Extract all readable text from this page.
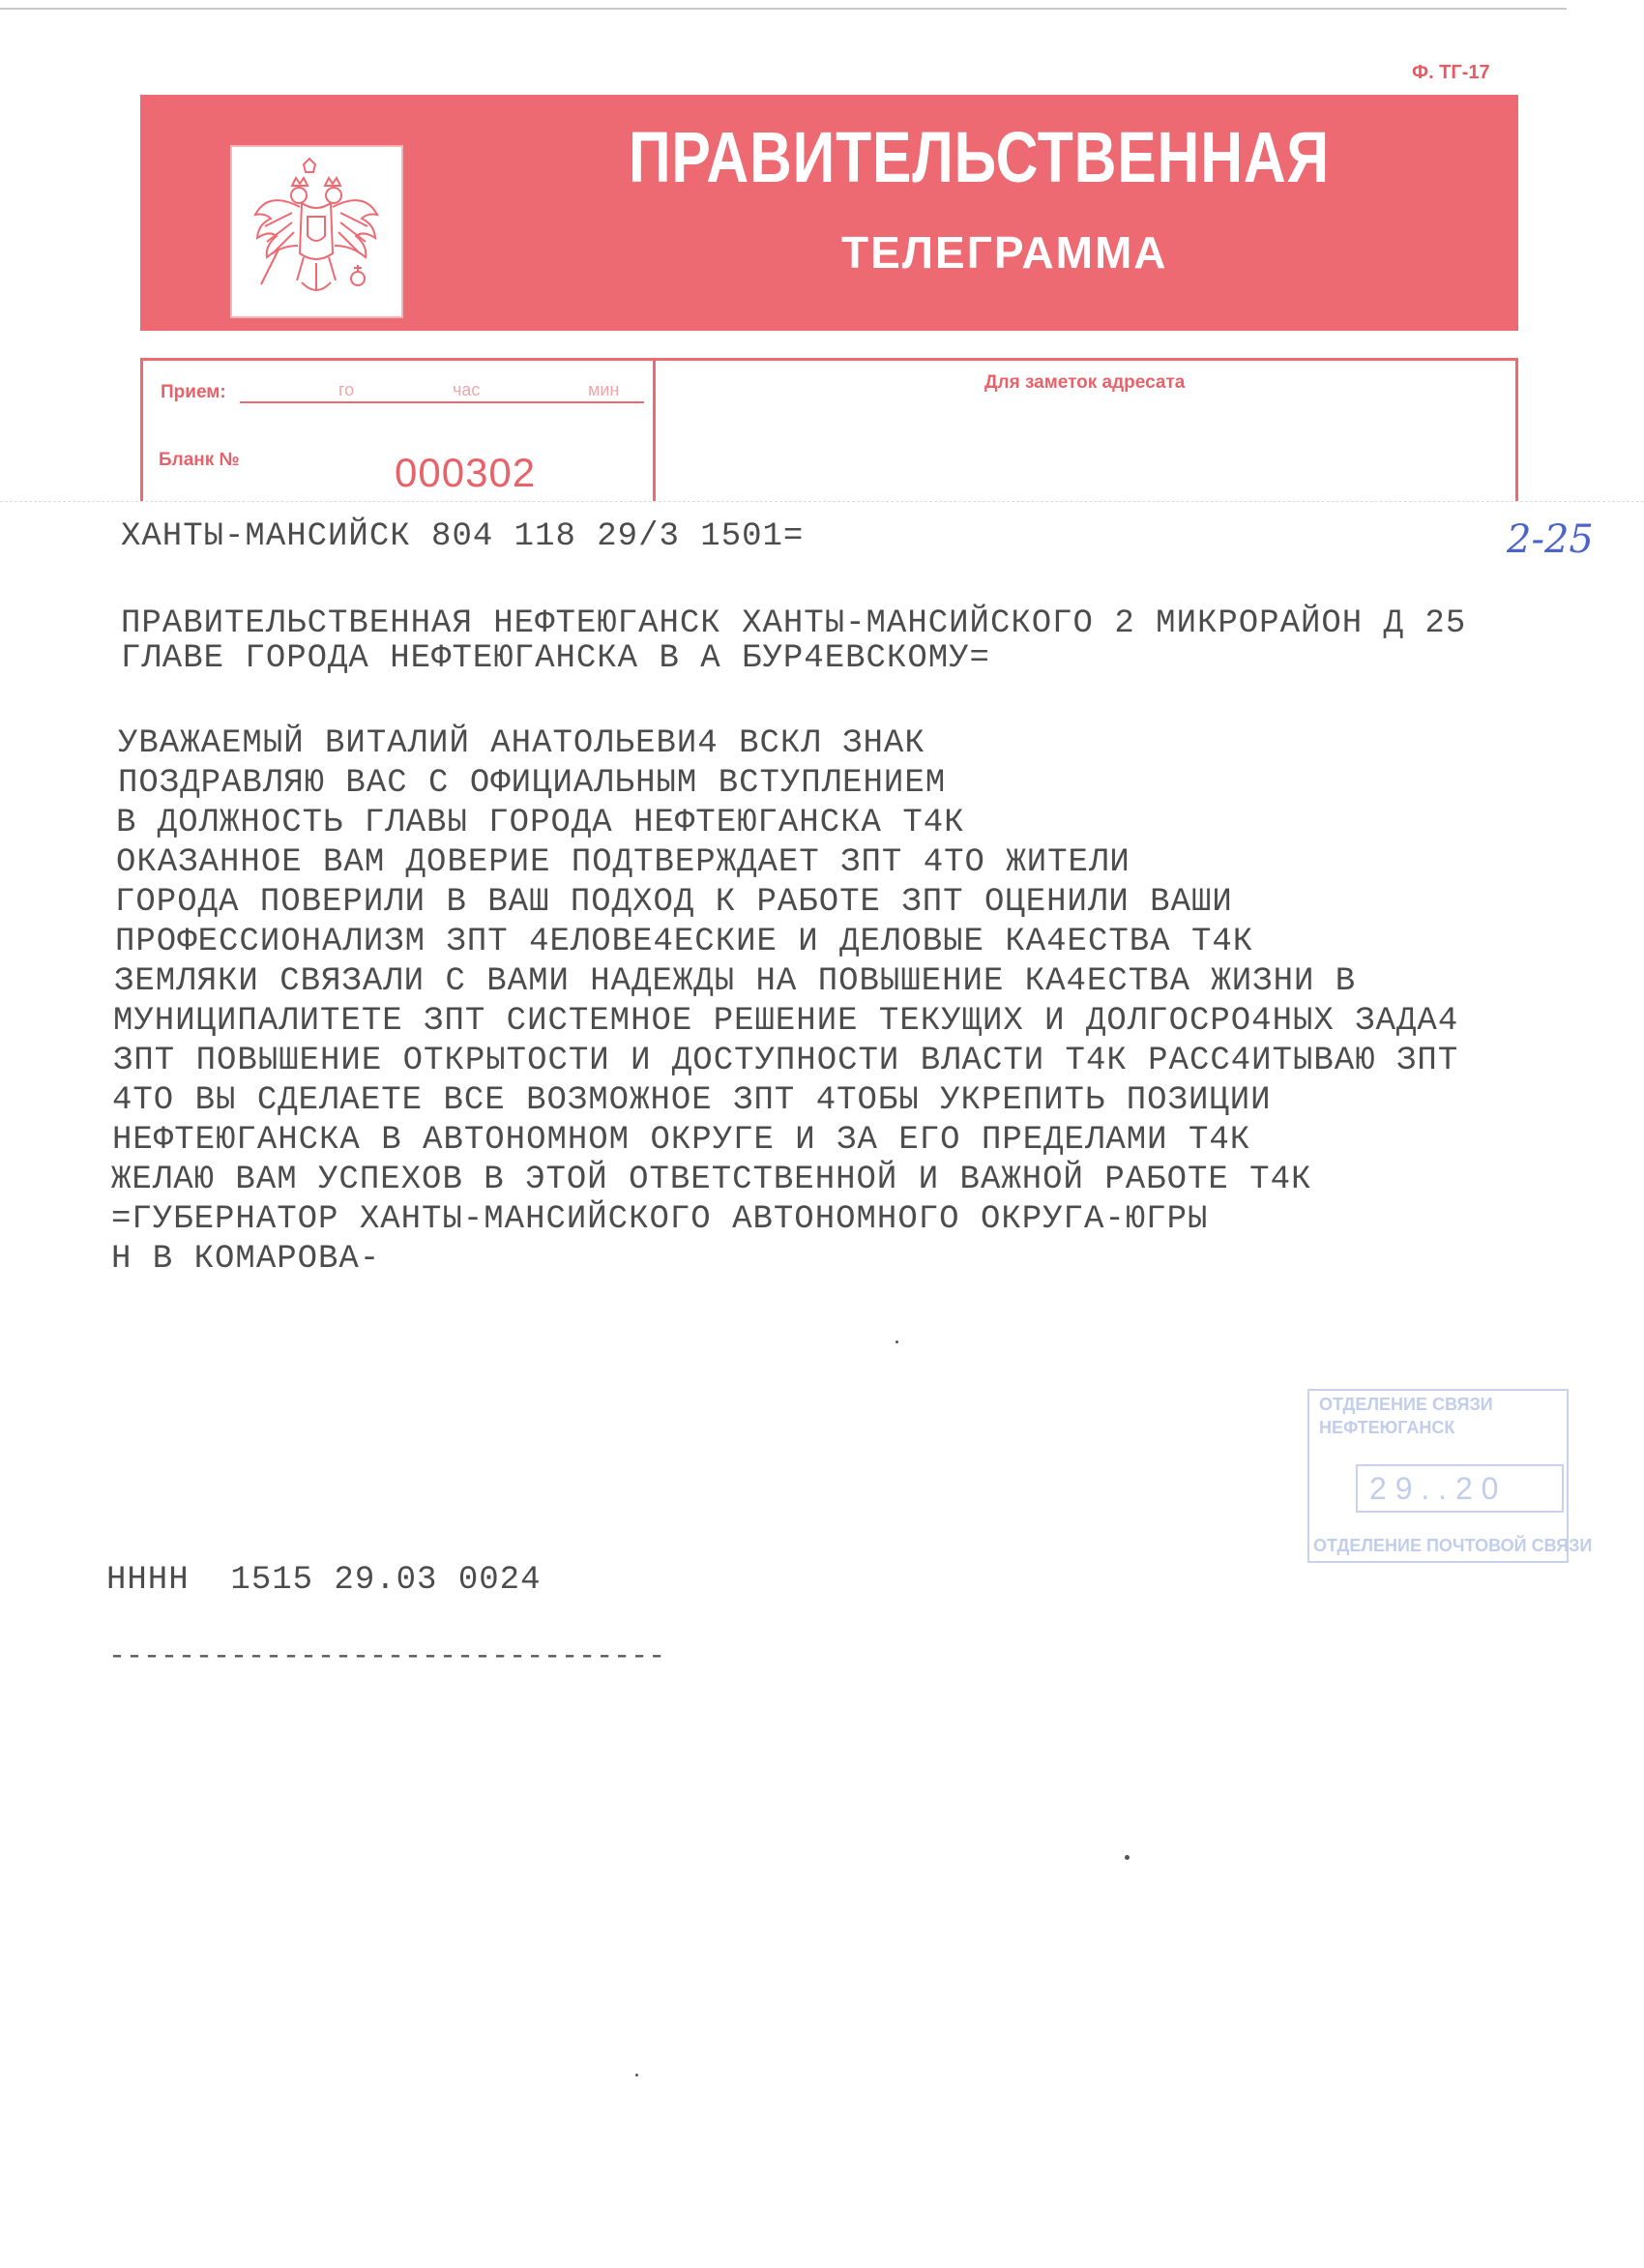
Ф. ТГ-17
ПРАВИТЕЛЬСТВЕННАЯ
ТЕЛЕГРАММА
Прием:	го	час	мин
Бланк №	000302
Для заметок адресата
ХАНТЫ-МАНСИЙСК 804 118 29/3 1501=	2-25
ПРАВИТЕЛЬСТВЕННАЯ НЕФТЕЮГАНСК ХАНТЫ-МАНСИЙСКОГО 2 МИКРОРАЙОН Д 25
ГЛАВЕ ГОРОДА НЕФТЕЮГАНСКА В А БУР4ЕВСКОМУ=
УВАЖАЕМЫЙ ВИТАЛИЙ АНАТОЛЬЕВИ4 ВСКЛ ЗНАК
ПОЗДРАВЛЯЮ ВАС С ОФИЦИАЛЬНЫМ ВСТУПЛЕНИЕМ
В ДОЛЖНОСТЬ ГЛАВЫ ГОРОДА НЕФТЕЮГАНСКА Т4К
ОКАЗАННОЕ ВАМ ДОВЕРИЕ ПОДТВЕРЖДАЕТ ЗПТ 4ТО ЖИТЕЛИ
ГОРОДА ПОВЕРИЛИ В ВАШ ПОДХОД К РАБОТЕ ЗПТ ОЦЕНИЛИ ВАШИ
ПРОФЕССИОНАЛИЗМ ЗПТ 4ЕЛОВЕ4ЕСКИЕ И ДЕЛОВЫЕ КА4ЕСТВА Т4К
ЗЕМЛЯКИ СВЯЗАЛИ С ВАМИ НАДЕЖДЫ НА ПОВЫШЕНИЕ КА4ЕСТВА ЖИЗНИ В
МУНИЦИПАЛИТЕТЕ ЗПТ СИСТЕМНОЕ РЕШЕНИЕ ТЕКУЩИХ И ДОЛГОСРО4НЫХ ЗАДА4
ЗПТ ПОВЫШЕНИЕ ОТКРЫТОСТИ И ДОСТУПНОСТИ ВЛАСТИ Т4К РАСС4ИТЫВАЮ ЗПТ
4ТО ВЫ СДЕЛАЕТЕ ВСЕ ВОЗМОЖНОЕ ЗПТ 4ТОБЫ УКРЕПИТЬ ПОЗИЦИИ
НЕФТЕЮГАНСКА В АВТОНОМНОМ ОКРУГЕ И ЗА ЕГО ПРЕДЕЛАМИ Т4К
ЖЕЛАЮ ВАМ УСПЕХОВ В ЭТОЙ ОТВЕТСТВЕННОЙ И ВАЖНОЙ РАБОТЕ Т4К
=ГУБЕРНАТОР ХАНТЫ-МАНСИЙСКОГО АВТОНОМНОГО ОКРУГА-ЮГРЫ
Н В КОМАРОВА-
ОТДЕЛЕНИЕ СВЯЗИ
НЕФТЕЮГАНСК
2 9 . . 2 0
ОТДЕЛЕНИЕ ПОЧТОВОЙ СВЯЗИ
НННН  1515 29.03 0024
--------------------------------
